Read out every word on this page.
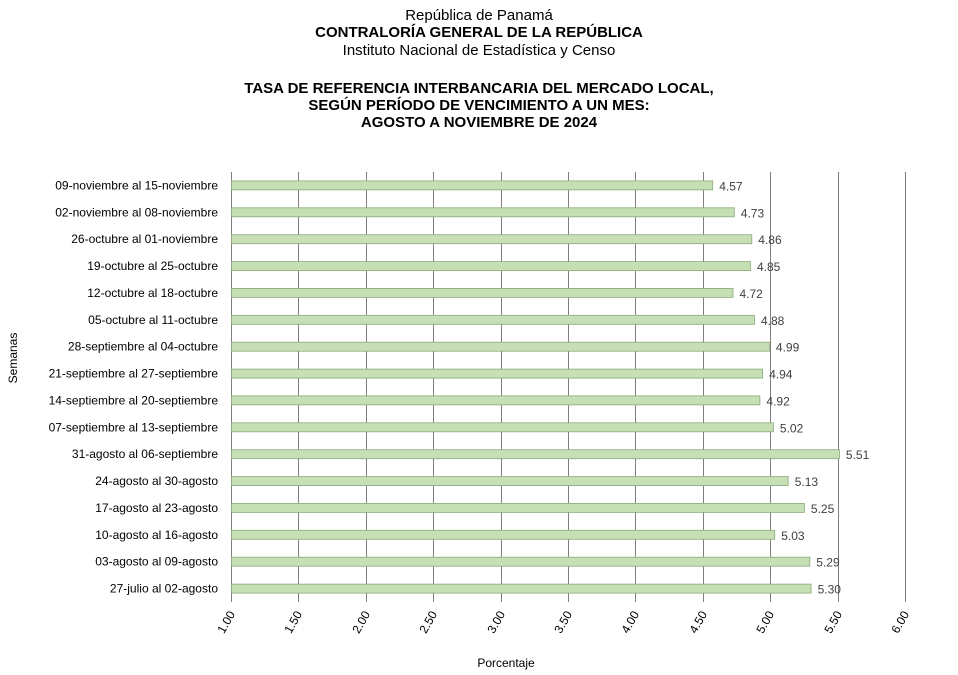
República de Panamá
CONTRALORÍA GENERAL DE LA REPÚBLICA
Instituto Nacional de Estadística y Censo
TASA DE REFERENCIA INTERBANCARIA DEL MERCADO LOCAL,
SEGÚN PERÍODO DE VENCIMIENTO A UN MES:
AGOSTO A NOVIEMBRE DE 2024
09-noviembre al 15-noviembre
02-noviembre al 08-noviembre
26-octubre al 01-noviembre
19-octubre al 25-octubre
12-octubre al 18-octubre
05-octubre al 11-octubre
28-septiembre al 04-octubre
21-septiembre al 27-septiembre
14-septiembre al 20-septiembre
07-septiembre al 13-septiembre
31-agosto al 06-septiembre
24-agosto al 30-agosto
17-agosto al 23-agosto
10-agosto al 16-agosto
03-agosto al 09-agosto
27-julio al 02-agosto
4.57
4.73
4.86
4.85
4.72
4.88
4.99
4.94
4.92
5.02
5.51
5.13
5.25
5.03
5.29
5.30
1.00	1.50	2.00	2.50	3.00	3.50	4.00	4.50	5.00	5.50	6.00
Porcentaje
Semanas
